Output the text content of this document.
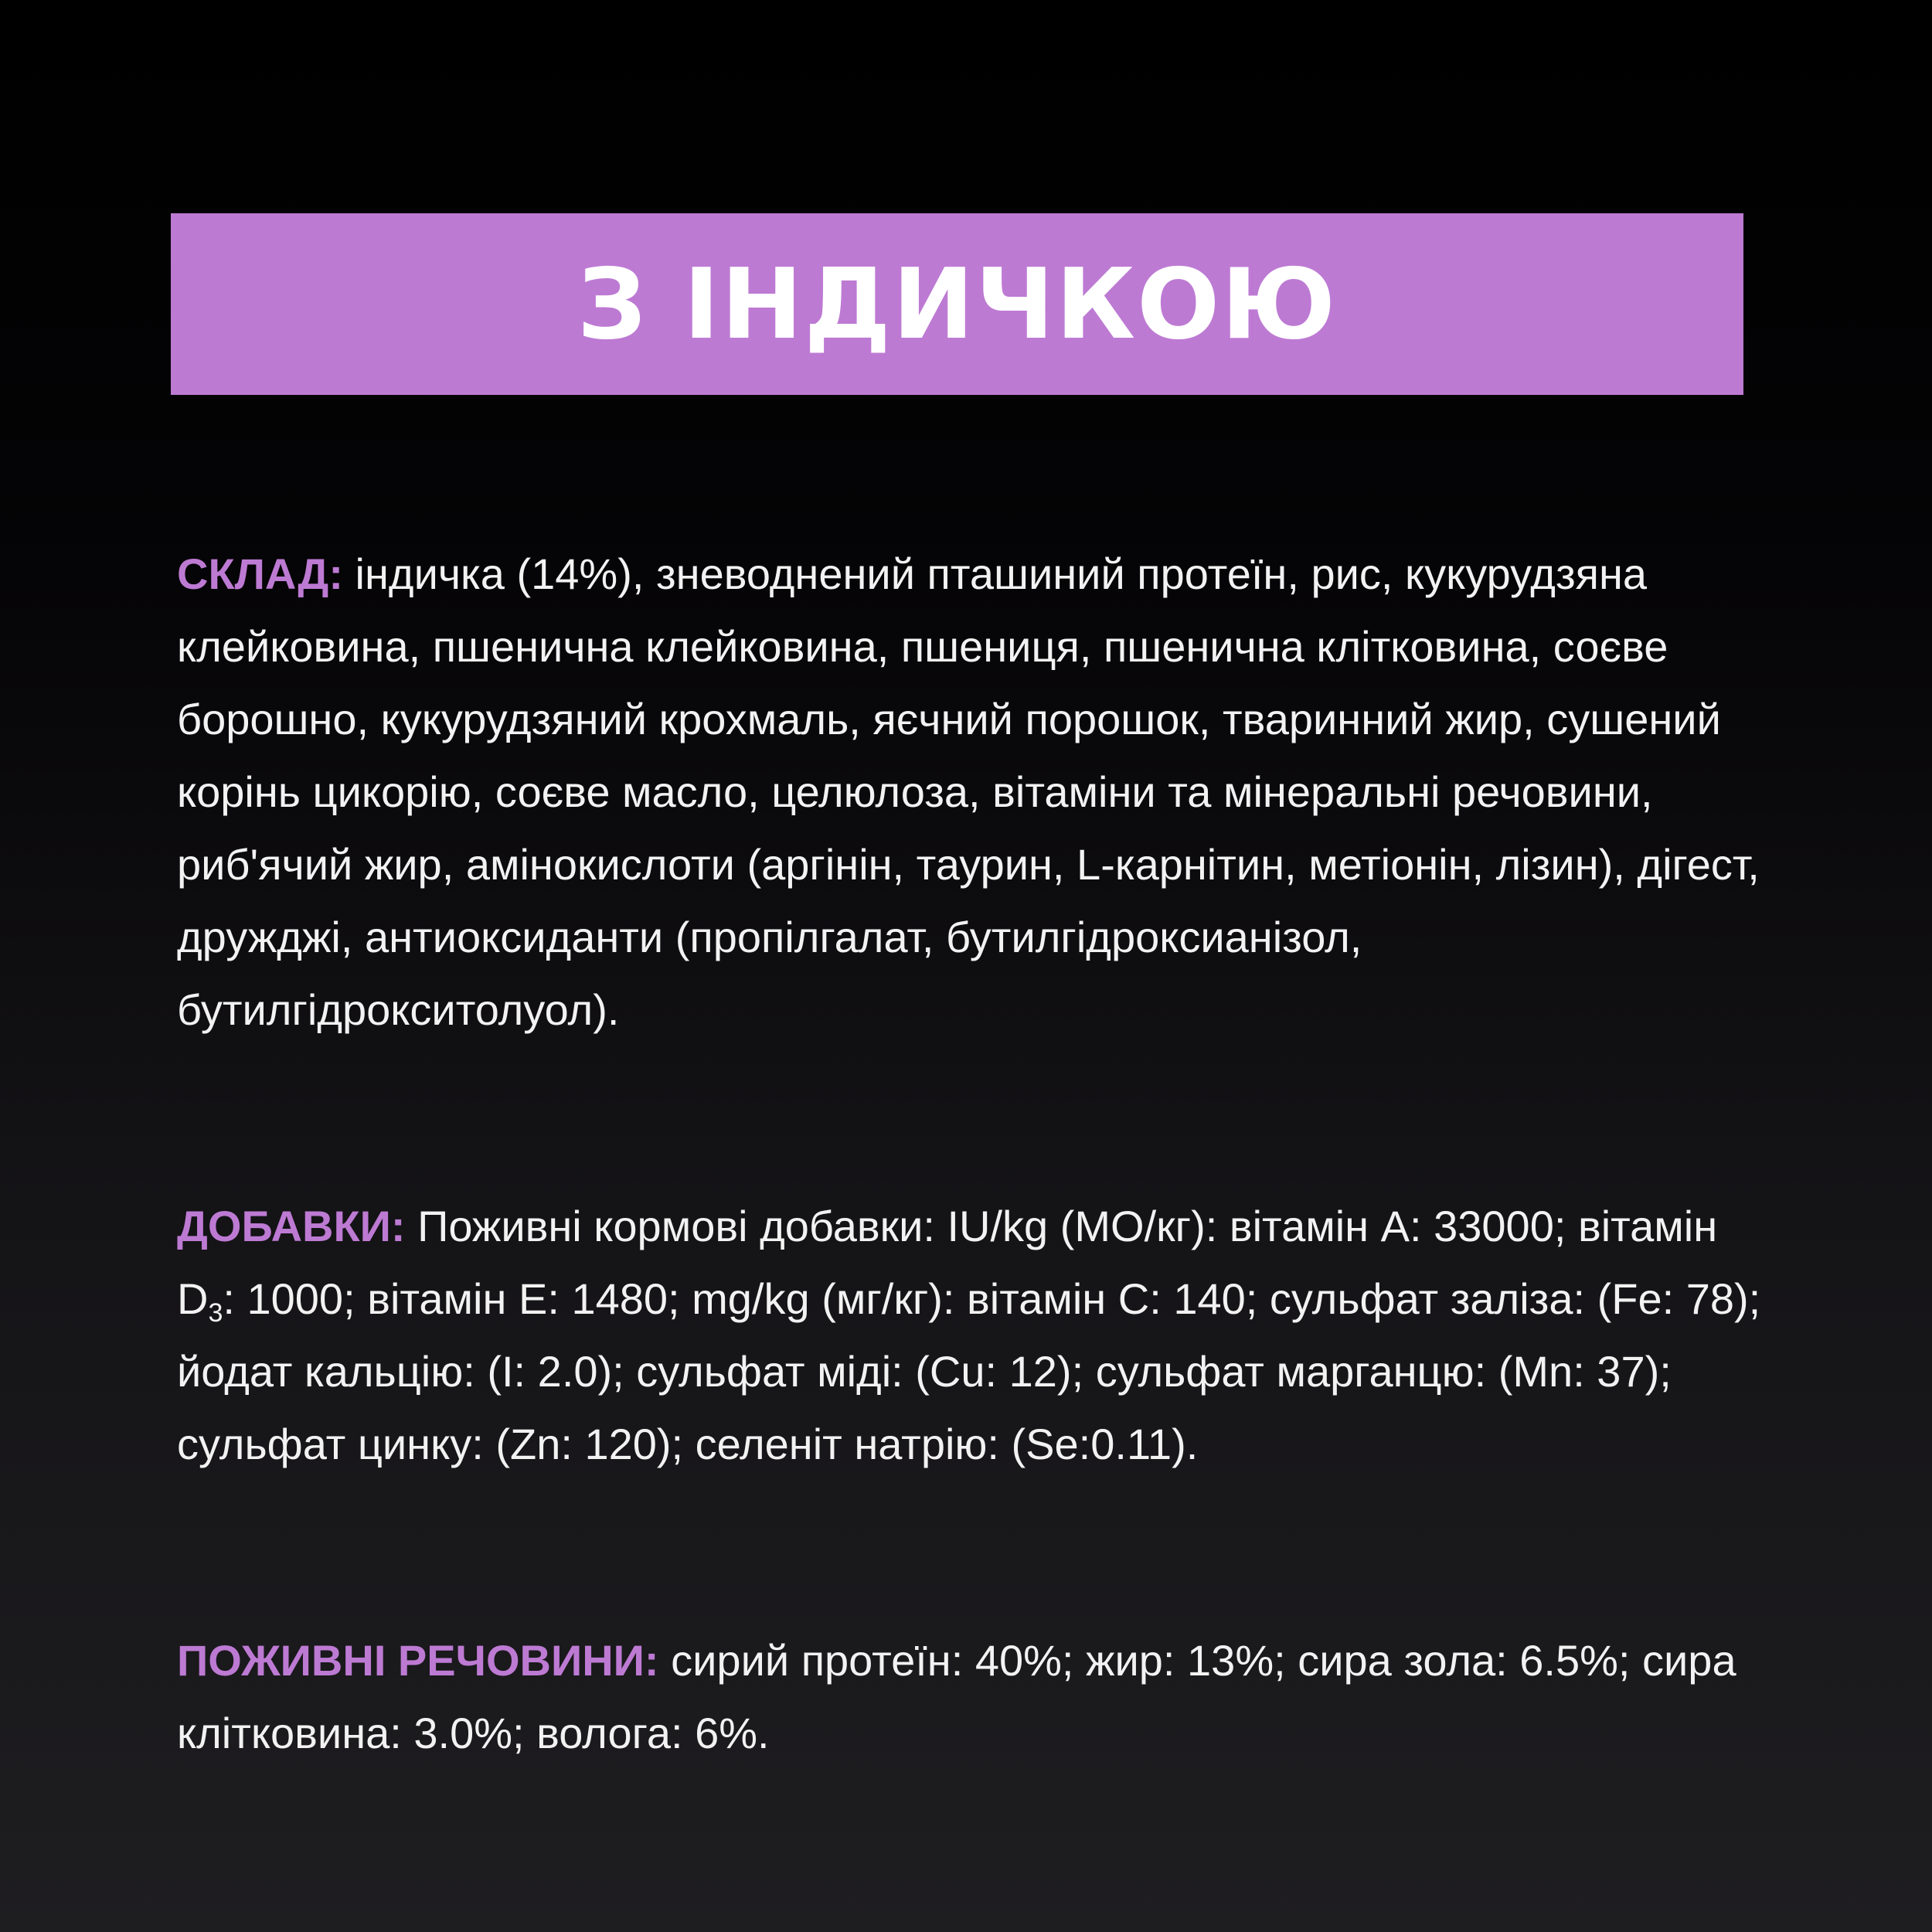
З ІНДИЧКОЮ
СКЛАД: індичка (14%), зневоднений пташиний протеїн, рис, кукурудзяна клейковина, пшенична клейковина, пшениця, пшенична клітковина, соєве борошно, кукурудзяний крохмаль, яєчний порошок, тваринний жир, сушений корінь цикорію, соєве масло, целюлоза, вітаміни та мінеральні речовини, риб'ячий жир, амінокислоти (аргінін, таурин, L-карнітин, метіонін, лізин), дігест, дружджі, антиоксиданти (пропілгалат, бутилгідроксианізол, бутилгідрокситолуол).
ДОБАВКИ: Поживні кормові добавки: IU/kg (МО/кг): вітамін А: 33000; вітамін $D_3$: 1000; вітамін Е: 1480; mg/kg (мг/кг): вітамін С: 140; сульфат заліза: (Fe: 78); йодат кальцію: (I: 2.0); сульфат міді: (Cu: 12); сульфат марганцю: (Mn: 37); сульфат цинку: (Zn: 120); селеніт натрію: (Se:0.11).
ПОЖИВНІ РЕЧОВИНИ: сирий протеїн: 40%; жир: 13%; сира зола: 6.5%; сира клітковина: 3.0%; волога: 6%.
